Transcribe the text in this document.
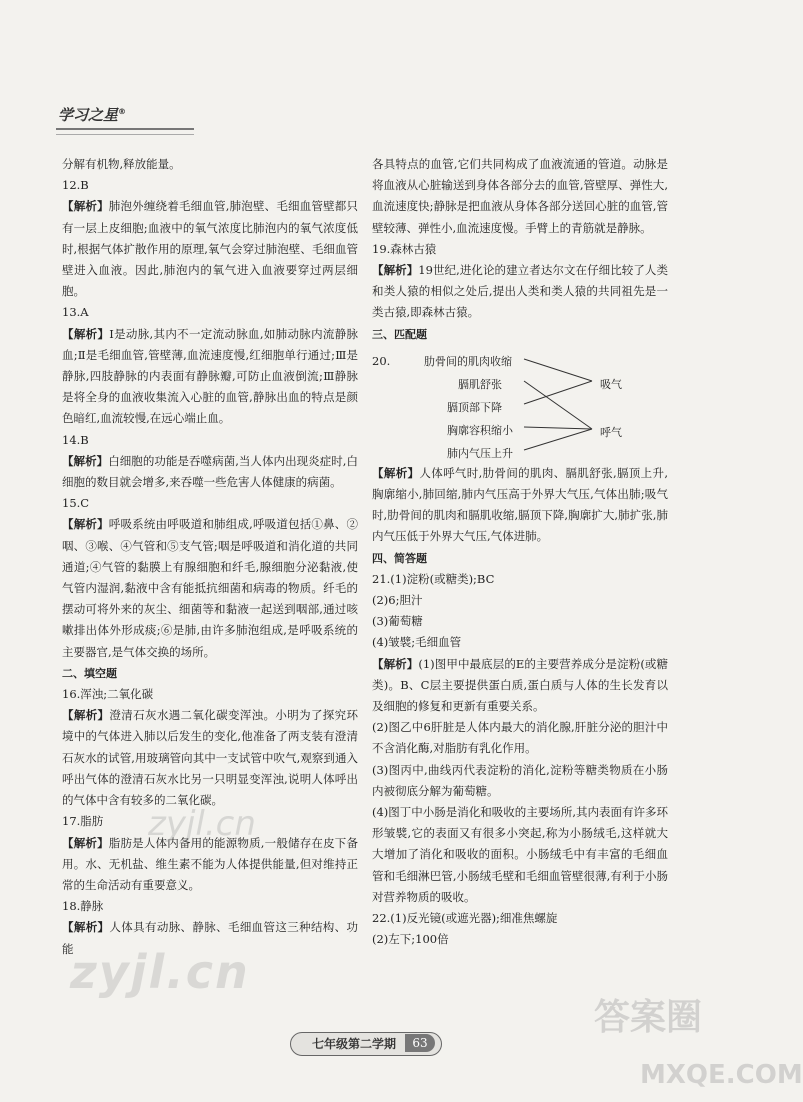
学习之星®

分解有机物,释放能量。

12.B

【解析】肺泡外缠绕着毛细血管,肺泡壁、毛细血管壁都只有一层上皮细胞;血液中的氧气浓度比肺泡内的氧气浓度低时,根据气体扩散作用的原理,氧气会穿过肺泡壁、毛细血管壁进入血液。因此,肺泡内的氧气进入血液要穿过两层细胞。

13.A

【解析】Ⅰ是动脉,其内不一定流动脉血,如肺动脉内流静脉血;Ⅱ是毛细血管,管壁薄,血流速度慢,红细胞单行通过;Ⅲ是静脉,四肢静脉的内表面有静脉瓣,可防止血液倒流;Ⅲ静脉是将全身的血液收集流入心脏的血管,静脉出血的特点是颜色暗红,血流较慢,在远心端止血。

14.B

【解析】白细胞的功能是吞噬病菌,当人体内出现炎症时,白细胞的数目就会增多,来吞噬一些危害人体健康的病菌。

15.C

【解析】呼吸系统由呼吸道和肺组成,呼吸道包括①鼻、②咽、③喉、④气管和⑤支气管;咽是呼吸道和消化道的共同通道;④气管的黏膜上有腺细胞和纤毛,腺细胞分泌黏液,使气管内湿润,黏液中含有能抵抗细菌和病毒的物质。纤毛的摆动可将外来的灰尘、细菌等和黏液一起送到咽部,通过咳嗽排出体外形成痰;⑥是肺,由许多肺泡组成,是呼吸系统的主要器官,是气体交换的场所。

二、填空题

16.浑浊;二氧化碳

【解析】澄清石灰水遇二氧化碳变浑浊。小明为了探究环境中的气体进入肺以后发生的变化,他准备了两支装有澄清石灰水的试管,用玻璃管向其中一支试管中吹气,观察到通入呼出气体的澄清石灰水比另一只明显变浑浊,说明人体呼出的气体中含有较多的二氧化碳。

17.脂肪

【解析】脂肪是人体内备用的能源物质,一般储存在皮下备用。水、无机盐、维生素不能为人体提供能量,但对维持正常的生命活动有重要意义。

18.静脉

【解析】人体具有动脉、静脉、毛细血管这三种结构、功能

各具特点的血管,它们共同构成了血液流通的管道。动脉是将血液从心脏输送到身体各部分去的血管,管壁厚、弹性大,血流速度快;静脉是把血液从身体各部分送回心脏的血管,管壁较薄、弹性小,血流速度慢。手臂上的青筋就是静脉。

19.森林古猿

【解析】19世纪,进化论的建立者达尔文在仔细比较了人类和类人猿的相似之处后,提出人类和类人猿的共同祖先是一类古猿,即森林古猿。

三、匹配题

20.	肋骨间的肌肉收缩
膈肌舒张
膈顶部下降
胸廓容积缩小
肺内气压上升
吸气
呼气

【解析】人体呼气时,肋骨间的肌肉、膈肌舒张,膈顶上升,胸廓缩小,肺回缩,肺内气压高于外界大气压,气体出肺;吸气时,肋骨间的肌肉和膈肌收缩,膈顶下降,胸廓扩大,肺扩张,肺内气压低于外界大气压,气体进肺。

四、简答题

21.(1)淀粉(或糖类);BC

(2)6;胆汁

(3)葡萄糖

(4)皱襞;毛细血管

【解析】(1)图甲中最底层的E的主要营养成分是淀粉(或糖类)。B、C层主要提供蛋白质,蛋白质与人体的生长发育以及细胞的修复和更新有重要关系。

(2)图乙中6肝脏是人体内最大的消化腺,肝脏分泌的胆汁中不含消化酶,对脂肪有乳化作用。

(3)图丙中,曲线丙代表淀粉的消化,淀粉等糖类物质在小肠内被彻底分解为葡萄糖。

(4)图丁中小肠是消化和吸收的主要场所,其内表面有许多环形皱襞,它的表面又有很多小突起,称为小肠绒毛,这样就大大增加了消化和吸收的面积。小肠绒毛中有丰富的毛细血管和毛细淋巴管,小肠绒毛壁和毛细血管壁很薄,有利于小肠对营养物质的吸收。

22.(1)反光镜(或遮光器);细准焦螺旋

(2)左下;100倍

zyjl.cn
zyjl.cn
七年级第二学期	63
答案圈
MXQE.COM
